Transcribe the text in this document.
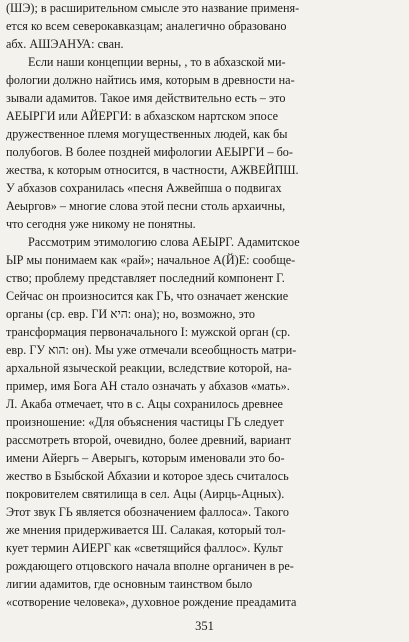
(ШЭ); в расширительном смысле это название применя-
ется ко всем северокавказцам; аналегично образовано
абх. АШЭАНУА: сван.
Если наши концепции верны, , то в абхазской ми-
фологии должно найтись имя, которым в древности на-
зывали адамитов. Такое имя действительно есть – это
АЕЫРГИ или АЙЕРГИ: в абхазском нартском эпосе
дружественное племя могущественных людей, как бы
полубогов. В более поздней мифологии АЕЫРГИ – бо-
жества, к которым относится, в частности, АЖВЕЙПШ.
У абхазов сохранилась «песня Ажвейпша о подвигах
Аеыргов» – многие слова этой песни столь архаичны,
что сегодня уже никому не понятны.
Рассмотрим этимологию слова АЕЫРГ. Адамитское
ЫР мы понимаем как «рай»; начальное А(Й)Е: сообще-
ство; проблему представляет последний компонент Г.
Сейчас он произносится как ГЬ, что означает женские
органы (ср. евр. ГИ היא: она); но, возможно, это
трансформация первоначального Ӏ: мужской орган (ср.
евр. ГУ הוא: он). Мы уже отмечали всеобщность матри-
архальной языческой реакции, вследствие которой, на-
пример, имя Бога АН стало означать у абхазов «мать».
Л. Акаба отмечает, что в с. Ацы сохранилось древнее
произношение: «Для объяснения частицы ГЬ следует
рассмотреть второй, очевидно, более древний, вариант
имени Айергь – Аверыгь, которым именовали это бо-
жество в Бзыбской Абхазии и которое здесь считалось
покровителем святилища в сел. Ацы (Аирць-Ацных).
Этот звук ГЬ является обозначением фаллоса». Такого
же мнения придерживается Ш. Салакая, который тол-
кует термин АИЕРГ как «светящийся фаллос». Культ
рождающего отцовского начала вполне органичен в ре-
лигии адамитов, где основным таинством было
«сотворение человека», духовное рождение преадамита
351
